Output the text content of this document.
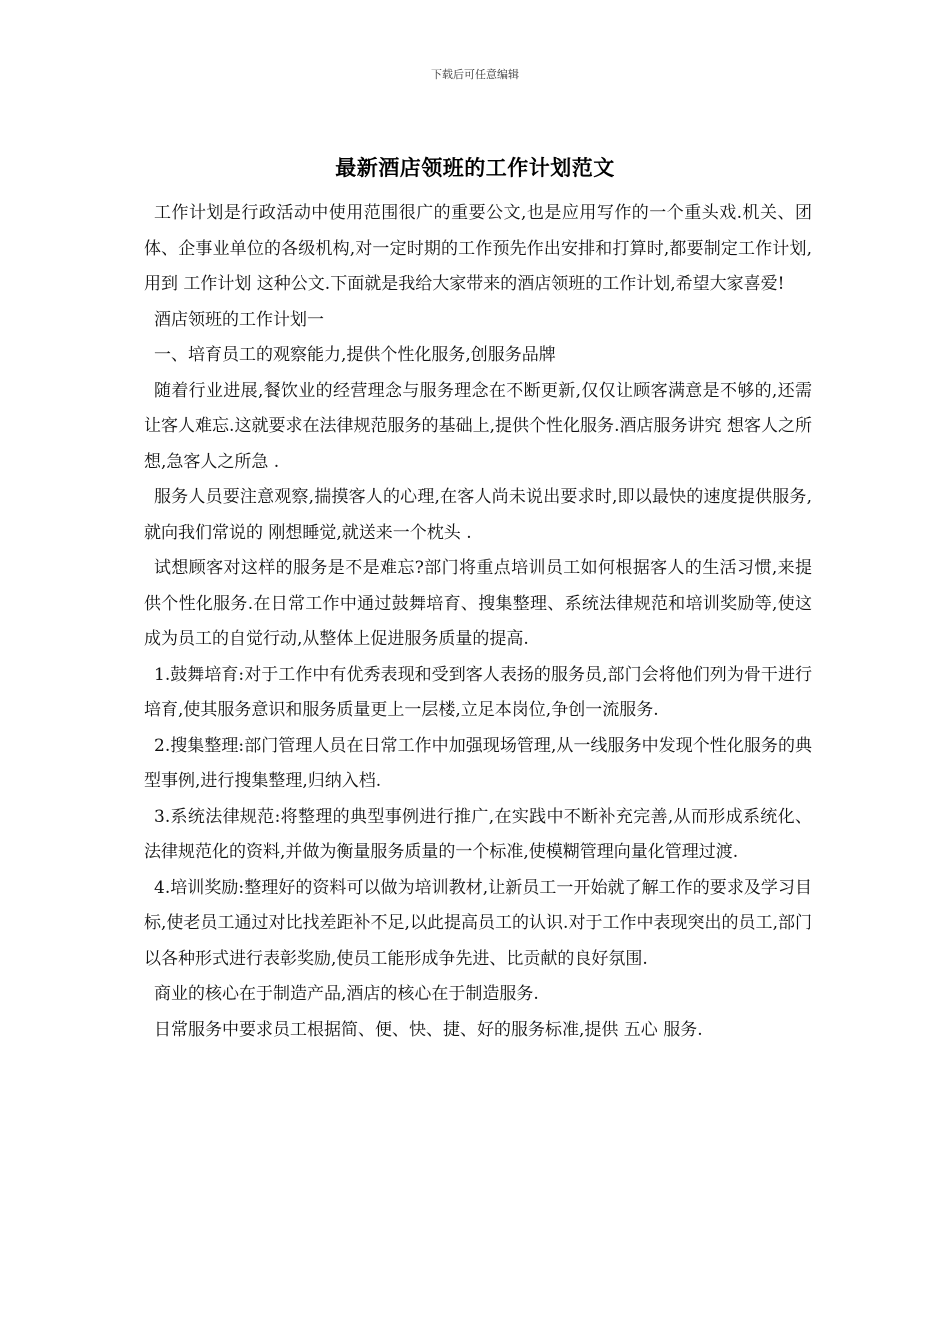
下载后可任意编辑
最新酒店领班的工作计划范文

工作计划是行政活动中使用范围很广的重要公文,也是应用写作的一个重头戏.机关、团体、企事业单位的各级机构,对一定时期的工作预先作出安排和打算时,都要制定工作计划,用到 工作计划 这种公文.下面就是我给大家带来的酒店领班的工作计划,希望大家喜爱!

酒店领班的工作计划一

一、培育员工的观察能力,提供个性化服务,创服务品牌

随着行业进展,餐饮业的经营理念与服务理念在不断更新,仅仅让顾客满意是不够的,还需让客人难忘.这就要求在法律规范服务的基础上,提供个性化服务.酒店服务讲究 想客人之所想,急客人之所急 .

服务人员要注意观察,揣摸客人的心理,在客人尚未说出要求时,即以最快的速度提供服务,就向我们常说的 刚想睡觉,就送来一个枕头 .

试想顾客对这样的服务是不是难忘?部门将重点培训员工如何根据客人的生活习惯,来提供个性化服务.在日常工作中通过鼓舞培育、搜集整理、系统法律规范和培训奖励等,使这成为员工的自觉行动,从整体上促进服务质量的提高.

1.鼓舞培育:对于工作中有优秀表现和受到客人表扬的服务员,部门会将他们列为骨干进行培育,使其服务意识和服务质量更上一层楼,立足本岗位,争创一流服务.

2.搜集整理:部门管理人员在日常工作中加强现场管理,从一线服务中发现个性化服务的典型事例,进行搜集整理,归纳入档.

3.系统法律规范:将整理的典型事例进行推广,在实践中不断补充完善,从而形成系统化、法律规范化的资料,并做为衡量服务质量的一个标准,使模糊管理向量化管理过渡.

4.培训奖励:整理好的资料可以做为培训教材,让新员工一开始就了解工作的要求及学习目标,使老员工通过对比找差距补不足,以此提高员工的认识.对于工作中表现突出的员工,部门以各种形式进行表彰奖励,使员工能形成争先进、比贡献的良好氛围.

商业的核心在于制造产品,酒店的核心在于制造服务.

日常服务中要求员工根据简、便、快、捷、好的服务标准,提供 五心 服务.
